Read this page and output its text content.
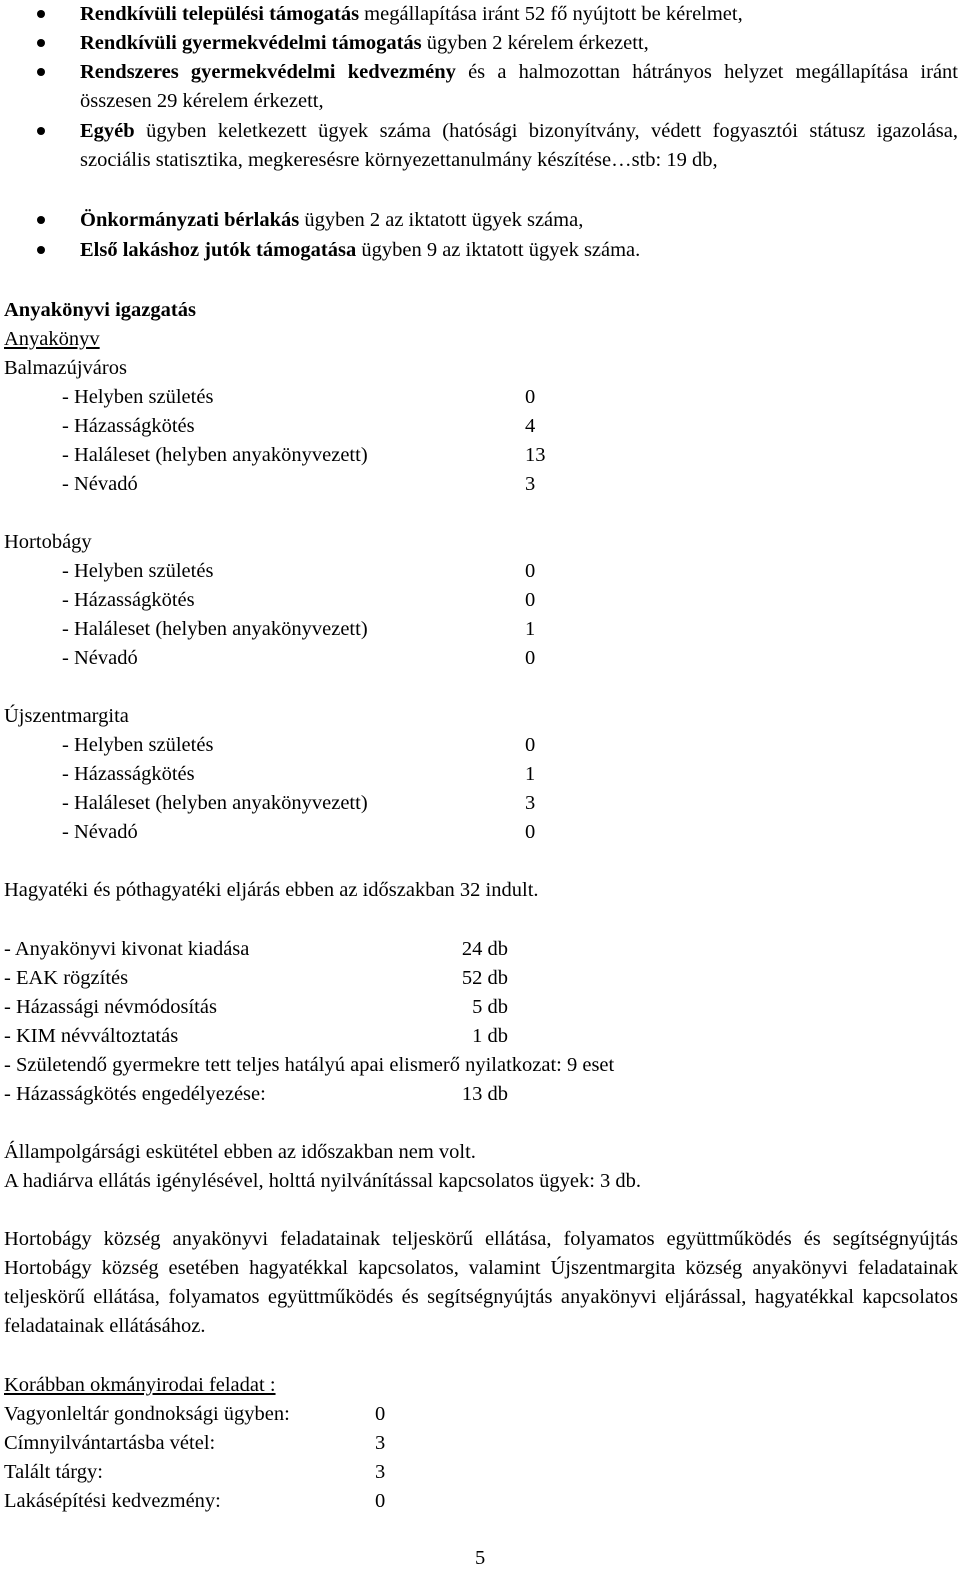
Rendkívüli települési támogatás megállapítása iránt 52 fő nyújtott be kérelmet,
Rendkívüli gyermekvédelmi támogatás ügyben 2 kérelem érkezett,
Rendszeres gyermekvédelmi kedvezmény és a halmozottan hátrányos helyzet megállapítása iránt összesen 29 kérelem érkezett,
Egyéb ügyben keletkezett ügyek száma (hatósági bizonyítvány, védett fogyasztói státusz igazolása, szociális statisztika, megkeresésre környezettanulmány készítése…stb: 19 db,
Önkormányzati bérlakás ügyben 2 az iktatott ügyek száma,
Első lakáshoz jutók támogatása ügyben 9 az iktatott ügyek száma.
Anyakönyvi igazgatás
Anyakönyv
Balmazújváros
- Helyben születés	0
- Házasságkötés	4
- Haláleset (helyben anyakönyvezett)	13
- Névadó	3
Hortobágy
- Helyben születés	0
- Házasságkötés	0
- Haláleset (helyben anyakönyvezett)	1
- Névadó	0
Újszentmargita
- Helyben születés	0
- Házasságkötés	1
- Haláleset (helyben anyakönyvezett)	3
- Névadó	0
Hagyatéki és póthagyatéki eljárás ebben az időszakban 32 indult.
- Anyakönyvi kivonat kiadása	24 db
- EAK rögzítés	52 db
- Házassági névmódosítás	5 db
- KIM névváltoztatás	1 db
- Születendő gyermekre tett teljes hatályú apai elismerő nyilatkozat: 9 eset
- Házasságkötés engedélyezése:	13 db
Állampolgársági eskütétel ebben az időszakban nem volt.
A hadiárva ellátás igénylésével, holttá nyilvánítással kapcsolatos ügyek: 3 db.
Hortobágy község anyakönyvi feladatainak teljeskörű ellátása, folyamatos együttműködés és segítségnyújtás Hortobágy község esetében hagyatékkal kapcsolatos, valamint Újszentmargita község anyakönyvi feladatainak teljeskörű ellátása, folyamatos együttműködés és segítségnyújtás anyakönyvi eljárással, hagyatékkal kapcsolatos feladatainak ellátásához.
Korábban okmányirodai feladat :
Vagyonleltár gondnoksági ügyben:	0
Címnyilvántartásba vétel:	3
Talált tárgy:	3
Lakásépítési kedvezmény:	0
5
